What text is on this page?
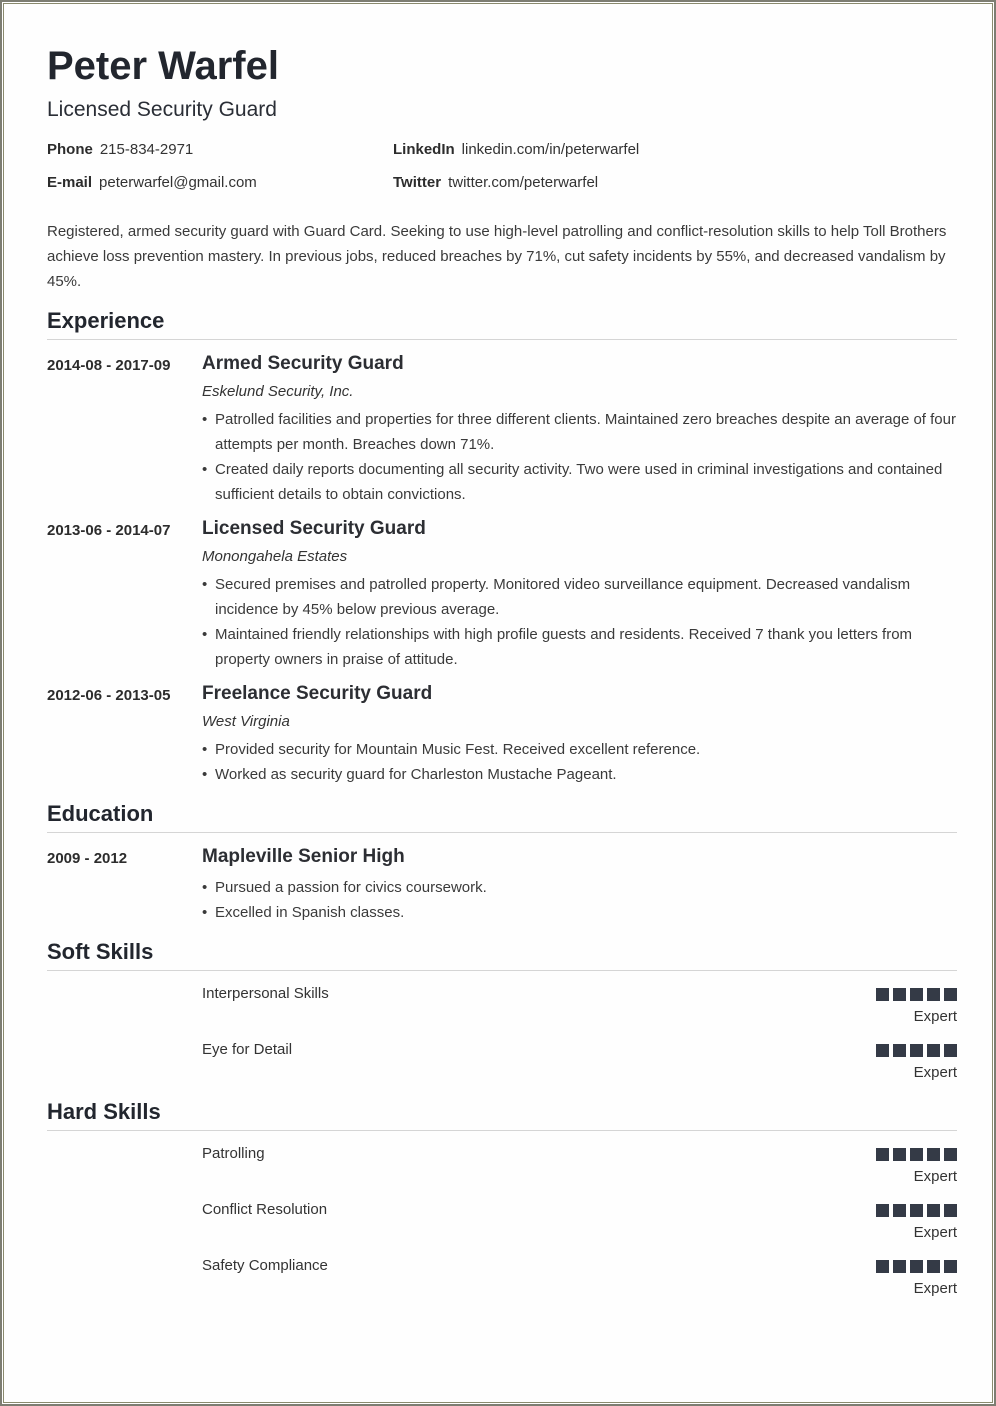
Peter Warfel
Licensed Security Guard
Phone 215-834-2971
E-mail peterwarfel@gmail.com
LinkedIn linkedin.com/in/peterwarfel
Twitter twitter.com/peterwarfel
Registered, armed security guard with Guard Card. Seeking to use high-level patrolling and conflict-resolution skills to help Toll Brothers achieve loss prevention mastery. In previous jobs, reduced breaches by 71%, cut safety incidents by 55%, and decreased vandalism by 45%.
Experience
2014-08 - 2017-09 Armed Security Guard
Eskelund Security, Inc.
• Patrolled facilities and properties for three different clients. Maintained zero breaches despite an average of four attempts per month. Breaches down 71%.
• Created daily reports documenting all security activity. Two were used in criminal investigations and contained sufficient details to obtain convictions.
2013-06 - 2014-07 Licensed Security Guard
Monongahela Estates
• Secured premises and patrolled property. Monitored video surveillance equipment. Decreased vandalism incidence by 45% below previous average.
• Maintained friendly relationships with high profile guests and residents. Received 7 thank you letters from property owners in praise of attitude.
2012-06 - 2013-05 Freelance Security Guard
West Virginia
• Provided security for Mountain Music Fest. Received excellent reference.
• Worked as security guard for Charleston Mustache Pageant.
Education
2009 - 2012	Mapleville Senior High
• Pursued a passion for civics coursework.
• Excelled in Spanish classes.
Soft Skills
Interpersonal Skills
Expert
Eye for Detail
Expert
Hard Skills
Patrolling
Expert
Conflict Resolution
Expert
Safety Compliance
Expert
